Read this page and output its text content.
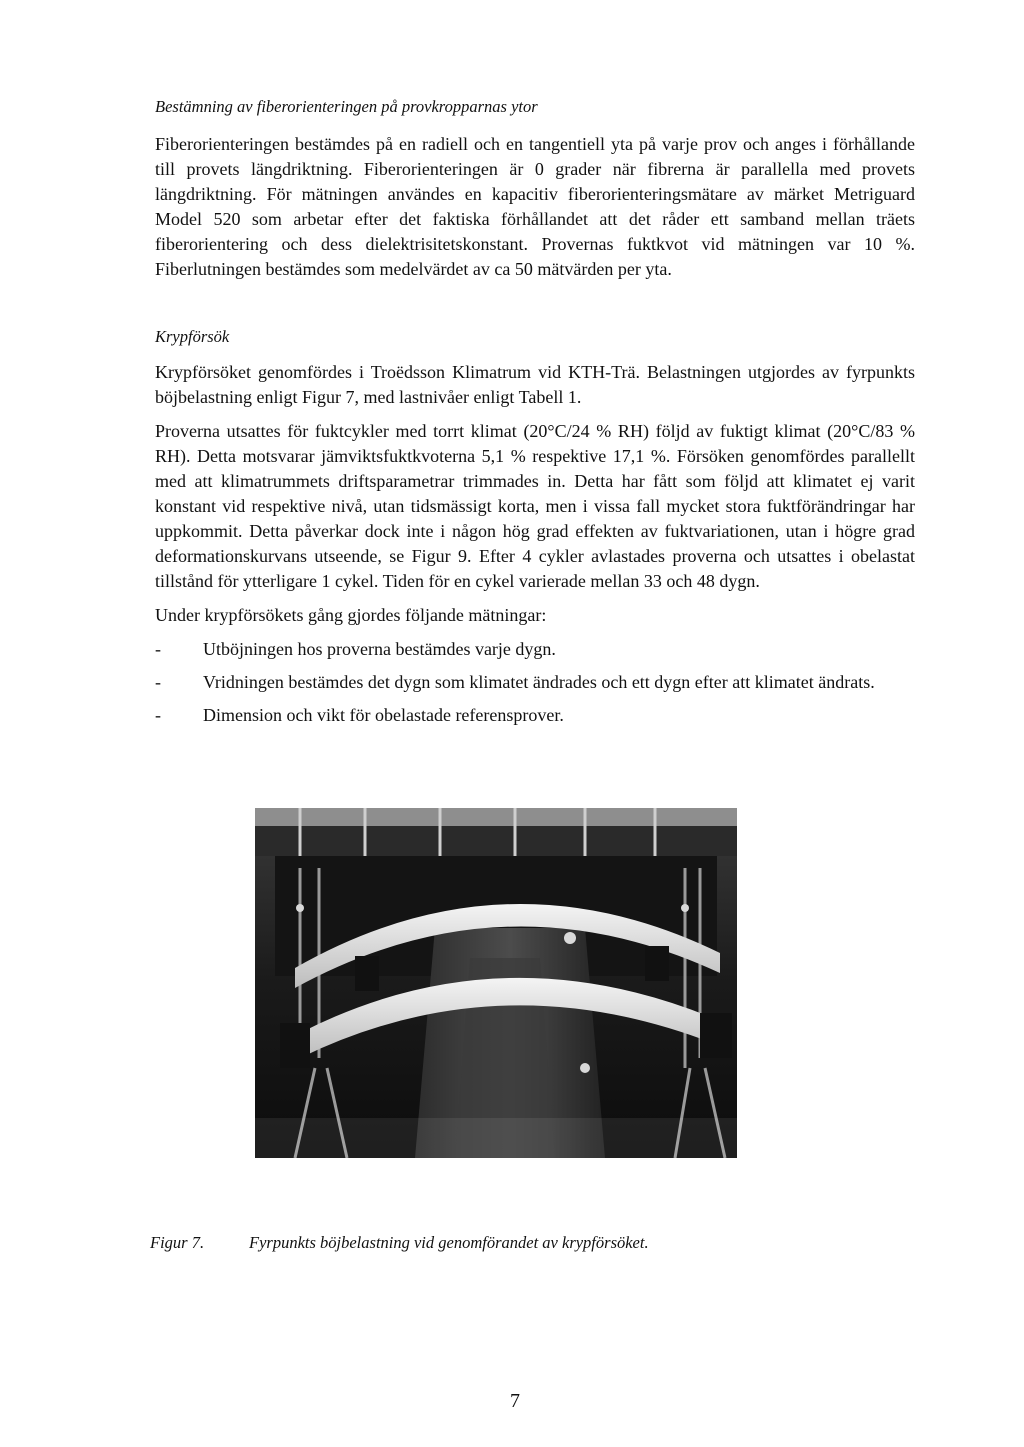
Bestämning av fiberorienteringen på provkropparnas ytor

Fiberorienteringen bestämdes på en radiell och en tangentiell yta på varje prov och anges i förhållande till provets längdriktning. Fiberorienteringen är 0 grader när fibrerna är parallella med provets längdriktning. För mätningen användes en kapacitiv fiberorienteringsmätare av märket Metriguard Model 520 som arbetar efter det faktiska förhållandet att det råder ett samband mellan träets fiberorientering och dess dielektrisitetskonstant. Provernas fuktkvot vid mätningen var 10 %. Fiberlutningen bestämdes som medelvärdet av ca 50 mätvärden per yta.

Krypförsök

Krypförsöket genomfördes i Troëdsson Klimatrum vid KTH-Trä. Belastningen utgjordes av fyrpunkts böjbelastning enligt Figur 7, med lastnivåer enligt Tabell 1.

Proverna utsattes för fuktcykler med torrt klimat (20°C/24 % RH) följd av fuktigt klimat (20°C/83 % RH). Detta motsvarar jämviktsfuktkvoterna 5,1 % respektive 17,1 %. Försöken genomfördes parallellt med att klimatrummets driftsparametrar trimmades in. Detta har fått som följd att klimatet ej varit konstant vid respektive nivå, utan tidsmässigt korta, men i vissa fall mycket stora fuktförändringar har uppkommit. Detta påverkar dock inte i någon hög grad effekten av fuktvariationen, utan i högre grad deformationskurvans utseende, se Figur 9. Efter 4 cykler avlastades proverna och utsattes i obelastat tillstånd för ytterligare 1 cykel. Tiden för en cykel varierade mellan 33 och 48 dygn.

Under krypförsökets gång gjordes följande mätningar:

- Utböjningen hos proverna bestämdes varje dygn.
- Vridningen bestämdes det dygn som klimatet ändrades och ett dygn efter att klimatet ändrats.
- Dimension och vikt för obelastade referensprover.
Figur 7.	Fyrpunkts böjbelastning vid genomförandet av krypförsöket.
7
